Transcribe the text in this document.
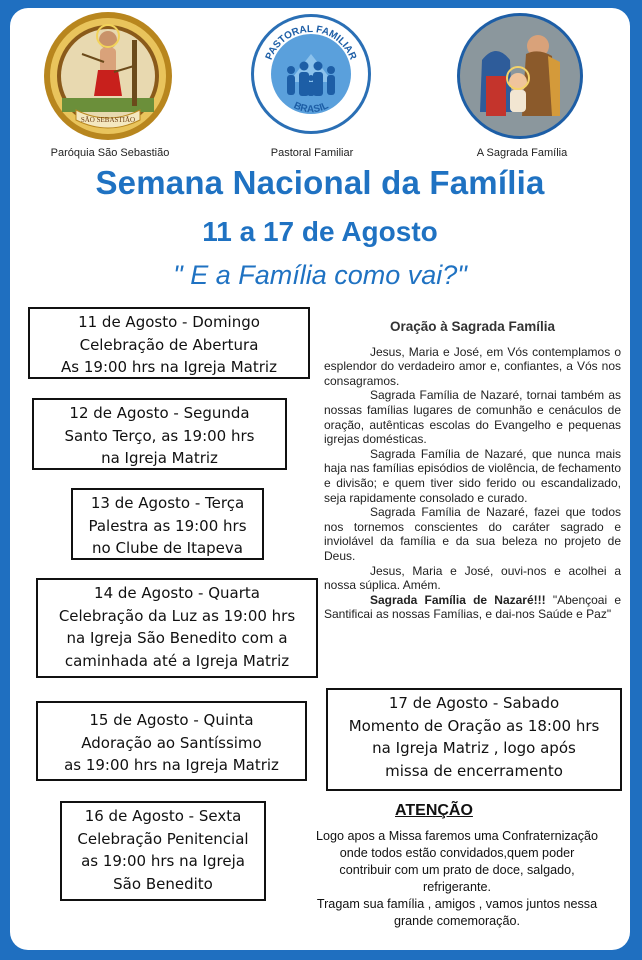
SÃO SEBASTIÃO
Paróquia São Sebastião
PASTORAL FAMILIAR
BRASIL
Pastoral Familiar	A Sagrada Família
Semana Nacional da Família
11 a 17 de Agosto
" E a Família como vai?"
11 de Agosto - Domingo
Celebração de Abertura
As 19:00 hrs na Igreja Matriz
12 de Agosto - Segunda
Santo Terço, as 19:00 hrs
na Igreja Matriz
13 de Agosto - Terça
Palestra as 19:00 hrs
no Clube de Itapeva
14 de Agosto - Quarta
Celebração da Luz as 19:00 hrs
na Igreja São Benedito com a
caminhada até a Igreja Matriz
15 de Agosto - Quinta
Adoração ao Santíssimo
as 19:00 hrs na Igreja Matriz
16 de Agosto - Sexta
Celebração Penitencial
as 19:00 hrs na Igreja
São Benedito
17 de Agosto - Sabado
Momento de Oração as 18:00 hrs
na Igreja Matriz , logo após
missa de encerramento
Oração à Sagrada Família

Jesus, Maria e José, em Vós contemplamos o esplendor do verdadeiro amor e, confiantes, a Vós nos consagramos.

Sagrada Família de Nazaré, tornai também as nossas famílias lugares de comunhão e cenáculos de oração, autênticas escolas do Evangelho e pequenas igrejas domésticas.

Sagrada Família de Nazaré, que nunca mais haja nas famílias episódios de violência, de fechamento e divisão; e quem tiver sido ferido ou escandalizado, seja rapidamente consolado e curado.

Sagrada Família de Nazaré, fazei que todos nos tornemos conscientes do caráter sagrado e inviolável da família e da sua beleza no projeto de Deus.

Jesus, Maria e José, ouvi-nos e acolhei a nossa súplica. Amém.

Sagrada Família de Nazaré!!! "Abençoai e Santificai as nossas Famílias, e dai-nos Saúde e Paz"

ATENÇÃO
Logo apos a Missa faremos uma Confraternização
onde todos estão convidados,quem poder
contribuir com um prato de doce, salgado,
refrigerante.
Tragam sua família , amigos , vamos juntos nessa
grande comemoração.
